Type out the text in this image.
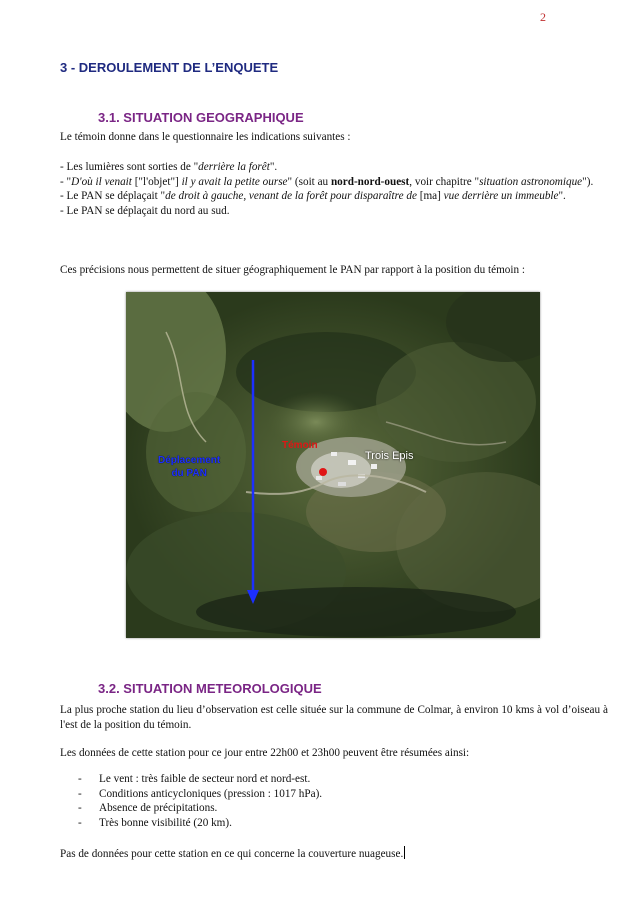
2
3 - DEROULEMENT DE L’ENQUETE
3.1. SITUATION GEOGRAPHIQUE

Le témoin donne dans le questionnaire les indications suivantes :

- Les lumières sont sorties de "derrière la forêt".

- "D'où il venait ["l'objet"] il y avait la petite ourse" (soit au nord-nord-ouest, voir chapitre "situation astronomique").

- Le PAN se déplaçait "de droit à gauche, venant de la forêt pour disparaître de [ma] vue derrière un immeuble".

- Le PAN se déplaçait du nord au sud.

Ces précisions nous permettent de situer géographiquement le PAN par rapport à la position du témoin :

Témoin
Trois Epis
Déplacement
du PAN
3.2. SITUATION METEOROLOGIQUE

La plus proche station du lieu d’observation est celle située sur la commune de Colmar, à environ 10 kms à vol d’oiseau à l'est de la position du témoin.

Les données de cette station pour ce jour entre 22h00 et 23h00 peuvent être résumées ainsi:

- Le vent : très faible de secteur nord et nord-est.
- Conditions anticycloniques (pression : 1017 hPa).
- Absence de précipitations.
- Très bonne visibilité (20 km).

Pas de données pour cette station en ce qui concerne la couverture nuageuse.
